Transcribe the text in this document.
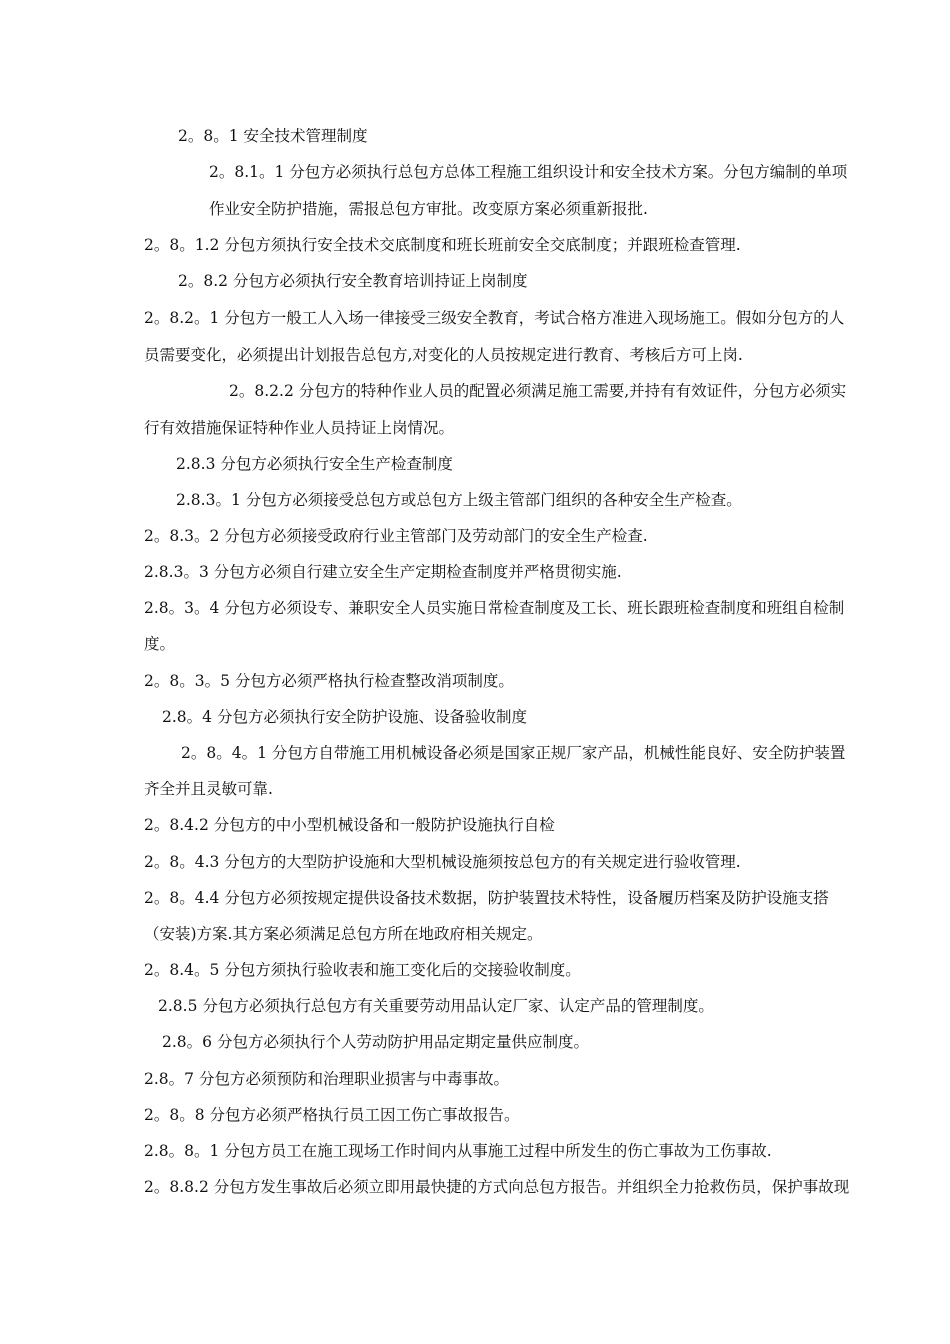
2。8。1 安全技术管理制度
2。8.1。1 分包方必须执行总包方总体工程施工组织设计和安全技术方案。分包方编制的单项
作业安全防护措施，需报总包方审批。改变原方案必须重新报批.
2。8。1.2 分包方须执行安全技术交底制度和班长班前安全交底制度；并跟班检查管理.
2。8.2 分包方必须执行安全教育培训持证上岗制度
2。8.2。1 分包方一般工人入场一律接受三级安全教育，考试合格方准进入现场施工。假如分包方的人
员需要变化，必须提出计划报告总包方,对变化的人员按规定进行教育、考核后方可上岗.
2。8.2.2 分包方的特种作业人员的配置必须满足施工需要,并持有有效证件，分包方必须实
行有效措施保证特种作业人员持证上岗情况。
2.8.3 分包方必须执行安全生产检查制度
2.8.3。1 分包方必须接受总包方或总包方上级主管部门组织的各种安全生产检查。
2。8.3。2 分包方必须接受政府行业主管部门及劳动部门的安全生产检查.
2.8.3。3 分包方必须自行建立安全生产定期检查制度并严格贯彻实施.
2.8。3。4 分包方必须设专、兼职安全人员实施日常检查制度及工长、班长跟班检查制度和班组自检制
度。
2。8。3。5 分包方必须严格执行检查整改消项制度。
2.8。4 分包方必须执行安全防护设施、设备验收制度
2。8。4。1 分包方自带施工用机械设备必须是国家正规厂家产品，机械性能良好、安全防护装置
齐全并且灵敏可靠.
2。8.4.2 分包方的中小型机械设备和一般防护设施执行自检
2。8。4.3 分包方的大型防护设施和大型机械设施须按总包方的有关规定进行验收管理.
2。8。4.4 分包方必须按规定提供设备技术数据，防护装置技术特性，设备履历档案及防护设施支搭
（安装)方案.其方案必须满足总包方所在地政府相关规定。
2。8.4。5 分包方须执行验收表和施工变化后的交接验收制度。
2.8.5 分包方必须执行总包方有关重要劳动用品认定厂家、认定产品的管理制度。
2.8。6 分包方必须执行个人劳动防护用品定期定量供应制度。
2.8。7 分包方必须预防和治理职业损害与中毒事故。
2。8。8 分包方必须严格执行员工因工伤亡事故报告。
2.8。8。1 分包方员工在施工现场工作时间内从事施工过程中所发生的伤亡事故为工伤事故.
2。8.8.2 分包方发生事故后必须立即用最快捷的方式向总包方报告。并组织全力抢救伤员，保护事故现
